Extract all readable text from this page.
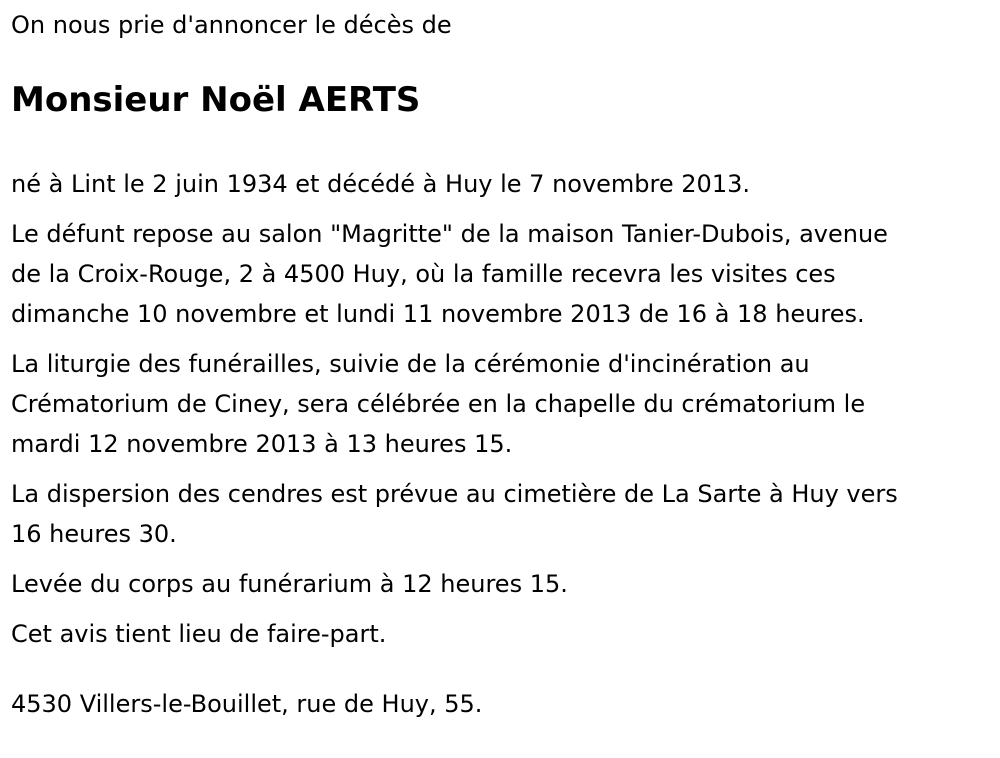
On nous prie d'annoncer le décès de

Monsieur Noël AERTS

né à Lint le 2 juin 1934 et décédé à Huy le 7 novembre 2013.

Le défunt repose au salon "Magritte" de la maison Tanier-Dubois, avenue
de la Croix-Rouge, 2 à 4500 Huy, où la famille recevra les visites ces
dimanche 10 novembre et lundi 11 novembre 2013 de 16 à 18 heures.

La liturgie des funérailles, suivie de la cérémonie d'incinération au
Crématorium de Ciney, sera célébrée en la chapelle du crématorium le
mardi 12 novembre 2013 à 13 heures 15.

La dispersion des cendres est prévue au cimetière de La Sarte à Huy vers
16 heures 30.

Levée du corps au funérarium à 12 heures 15.

Cet avis tient lieu de faire-part.

4530 Villers-le-Bouillet, rue de Huy, 55.
